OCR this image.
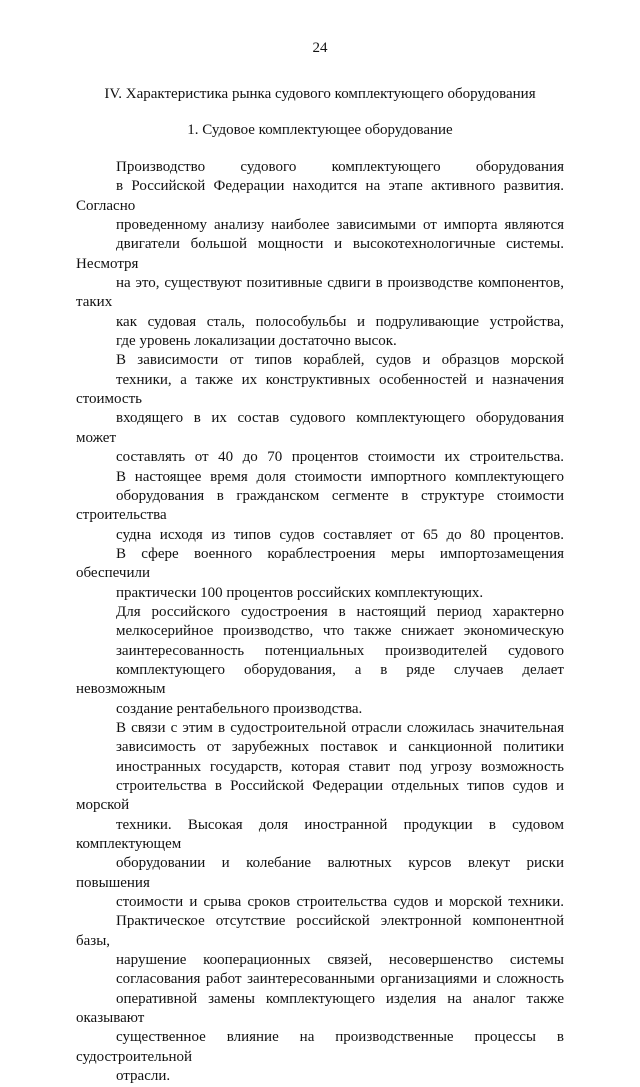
24
IV. Характеристика рынка судового комплектующего оборудования
1. Судовое комплектующее оборудование

Производство судового комплектующего оборудования
в Российской Федерации находится на этапе активного развития. Согласно
проведенному анализу наиболее зависимыми от импорта являются
двигатели большой мощности и высокотехнологичные системы. Несмотря
на это, существуют позитивные сдвиги в производстве компонентов, таких
как судовая сталь, полособульбы и подруливающие устройства,
где уровень локализации достаточно высок.

В зависимости от типов кораблей, судов и образцов морской
техники, а также их конструктивных особенностей и назначения стоимость
входящего в их состав судового комплектующего оборудования может
составлять от 40 до 70 процентов стоимости их строительства.
В настоящее время доля стоимости импортного комплектующего
оборудования в гражданском сегменте в структуре стоимости строительства
судна исходя из типов судов составляет от 65 до 80 процентов.
В сфере военного кораблестроения меры импортозамещения обеспечили
практически 100 процентов российских комплектующих.

Для российского судостроения в настоящий период характерно
мелкосерийное производство, что также снижает экономическую
заинтересованность потенциальных производителей судового
комплектующего оборудования, а в ряде случаев делает невозможным
создание рентабельного производства.

В связи с этим в судостроительной отрасли сложилась значительная
зависимость от зарубежных поставок и санкционной политики
иностранных государств, которая ставит под угрозу возможность
строительства в Российской Федерации отдельных типов судов и морской
техники. Высокая доля иностранной продукции в судовом комплектующем
оборудовании и колебание валютных курсов влекут риски повышения
стоимости и срыва сроков строительства судов и морской техники.
Практическое отсутствие российской электронной компонентной базы,
нарушение кооперационных связей, несовершенство системы
согласования работ заинтересованными организациями и сложность
оперативной замены комплектующего изделия на аналог также оказывают
существенное влияние на производственные процессы в судостроительной
отрасли.
